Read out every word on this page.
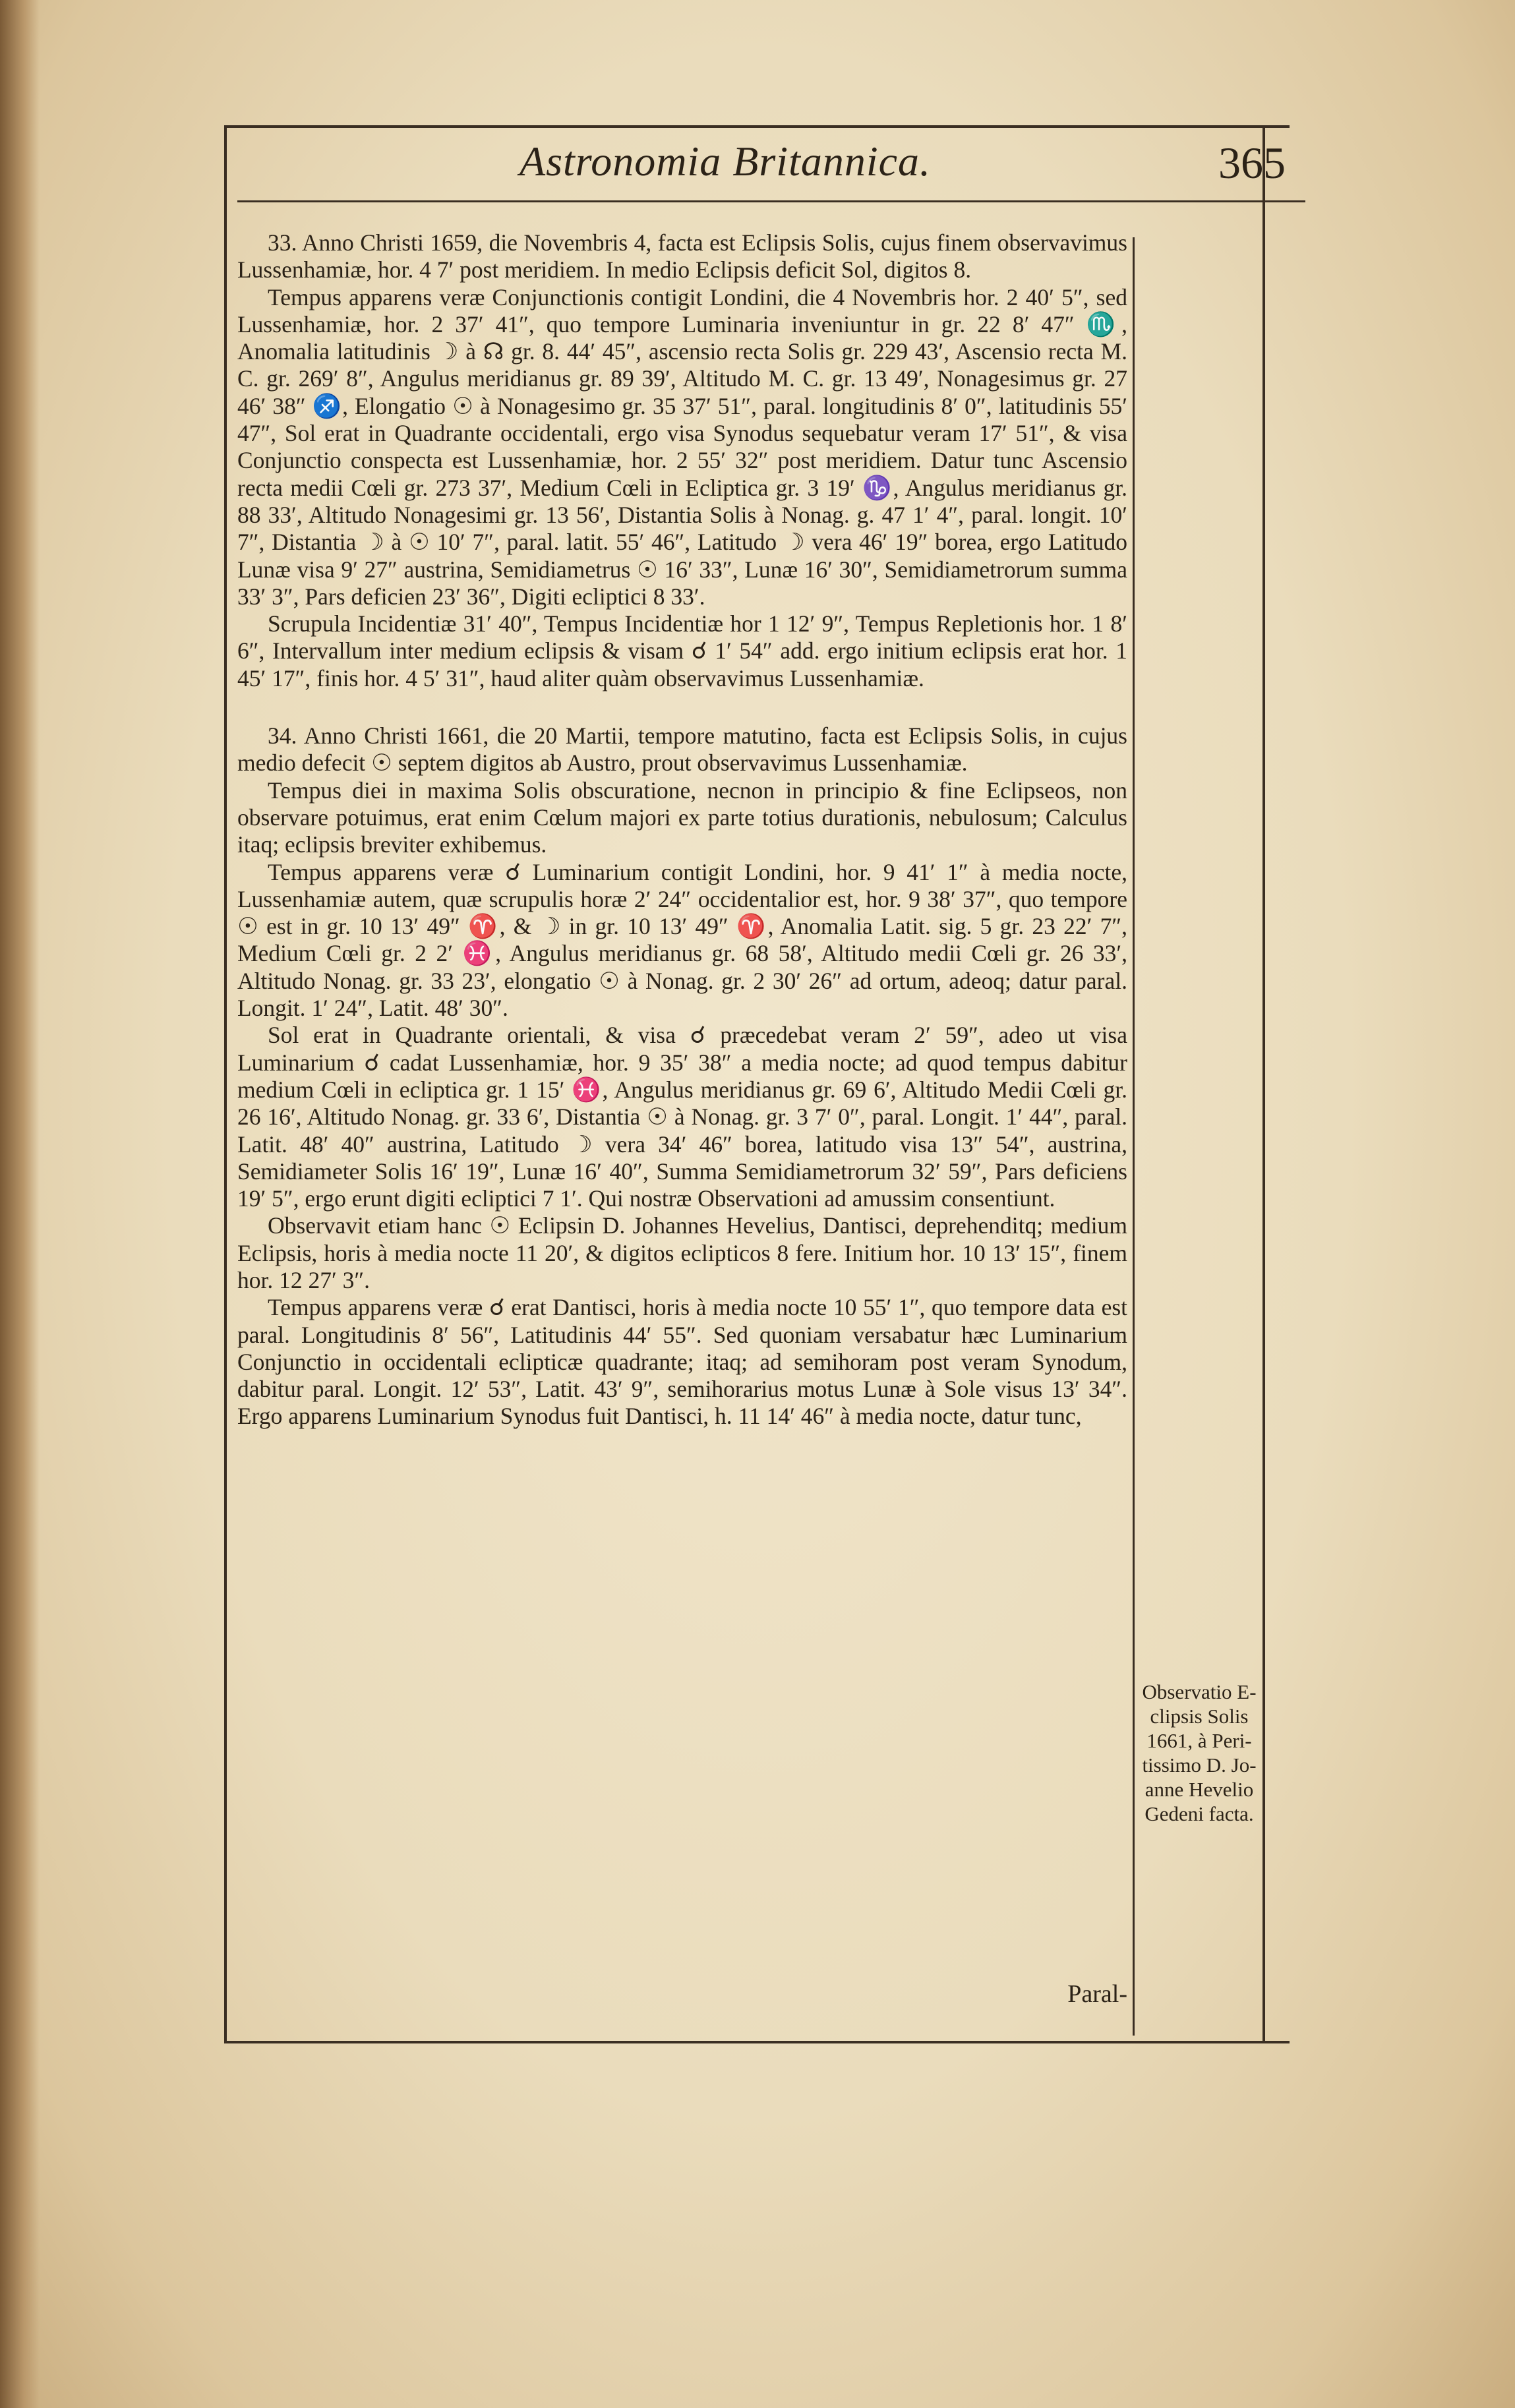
Astronomia Britannica.	365

33. Anno Christi 1659, die Novembris 4, facta est Eclipsis Solis, cujus finem observavimus Lussenhamiæ, hor. 4 7′ post meridiem. In medio Eclipsis deficit Sol, digitos 8.

Tempus apparens veræ Conjunctionis contigit Londini, die 4 Novembris hor. 2 40′ 5″, sed Lussenhamiæ, hor. 2 37′ 41″, quo tempore Luminaria inveniuntur in gr. 22 8′ 47″ ♏, Anomalia latitudinis ☽ à ☊ gr. 8. 44′ 45″, ascensio recta Solis gr. 229 43′, Ascensio recta M. C. gr. 269′ 8″, Angulus meridianus gr. 89 39′, Altitudo M. C. gr. 13 49′, Nonagesimus gr. 27 46′ 38″ ♐, Elongatio ☉ à Nonagesimo gr. 35 37′ 51″, paral. longitudinis 8′ 0″, latitudinis 55′ 47″, Sol erat in Quadrante occidentali, ergo visa Synodus sequebatur veram 17′ 51″, & visa Conjunctio conspecta est Lussenhamiæ, hor. 2 55′ 32″ post meridiem. Datur tunc Ascensio recta medii Cœli gr. 273 37′, Medium Cœli in Ecliptica gr. 3 19′ ♑, Angulus meridianus gr. 88 33′, Altitudo Nonagesimi gr. 13 56′, Distantia Solis à Nonag. g. 47 1′ 4″, paral. longit. 10′ 7″, Distantia ☽ à ☉ 10′ 7″, paral. latit. 55′ 46″, Latitudo ☽ vera 46′ 19″ borea, ergo Latitudo Lunæ visa 9′ 27″ austrina, Semidiametrus ☉ 16′ 33″, Lunæ 16′ 30″, Semidiametrorum summa 33′ 3″, Pars deficien 23′ 36″, Digiti ecliptici 8 33′.

Scrupula Incidentiæ 31′ 40″, Tempus Incidentiæ hor 1 12′ 9″, Tempus Repletionis hor. 1 8′ 6″, Intervallum inter medium eclipsis & visam ☌ 1′ 54″ add. ergo initium eclipsis erat hor. 1 45′ 17″, finis hor. 4 5′ 31″, haud aliter quàm observavimus Lussenhamiæ.

34. Anno Christi 1661, die 20 Martii, tempore matutino, facta est Eclipsis Solis, in cujus medio defecit ☉ septem digitos ab Austro, prout observavimus Lussenhamiæ.

Tempus diei in maxima Solis obscuratione, necnon in principio & fine Eclipseos, non observare potuimus, erat enim Cœlum majori ex parte totius durationis, nebulosum; Calculus itaq; eclipsis breviter exhibemus.

Tempus apparens veræ ☌ Luminarium contigit Londini, hor. 9 41′ 1″ à media nocte, Lussenhamiæ autem, quæ scrupulis horæ 2′ 24″ occidentalior est, hor. 9 38′ 37″, quo tempore ☉ est in gr. 10 13′ 49″ ♈, & ☽ in gr. 10 13′ 49″ ♈, Anomalia Latit. sig. 5 gr. 23 22′ 7″, Medium Cœli gr. 2 2′ ♓, Angulus meridianus gr. 68 58′, Altitudo medii Cœli gr. 26 33′, Altitudo Nonag. gr. 33 23′, elongatio ☉ à Nonag. gr. 2 30′ 26″ ad ortum, adeoq; datur paral. Longit. 1′ 24″, Latit. 48′ 30″.

Sol erat in Quadrante orientali, & visa ☌ præcedebat veram 2′ 59″, adeo ut visa Luminarium ☌ cadat Lussenhamiæ, hor. 9 35′ 38″ a media nocte; ad quod tempus dabitur medium Cœli in ecliptica gr. 1 15′ ♓, Angulus meridianus gr. 69 6′, Altitudo Medii Cœli gr. 26 16′, Altitudo Nonag. gr. 33 6′, Distantia ☉ à Nonag. gr. 3 7′ 0″, paral. Longit. 1′ 44″, paral. Latit. 48′ 40″ austrina, Latitudo ☽ vera 34′ 46″ borea, latitudo visa 13″ 54″, austrina, Semidiameter Solis 16′ 19″, Lunæ 16′ 40″, Summa Semidiametrorum 32′ 59″, Pars deficiens 19′ 5″, ergo erunt digiti ecliptici 7 1′. Qui nostræ Observationi ad amussim consentiunt.

Observavit etiam hanc ☉ Eclipsin D. Johannes Hevelius, Dantisci, deprehenditq; medium Eclipsis, horis à media nocte 11 20′, & digitos eclipticos 8 fere. Initium hor. 10 13′ 15″, finem hor. 12 27′ 3″.

Tempus apparens veræ ☌ erat Dantisci, horis à media nocte 10 55′ 1″, quo tempore data est paral. Longitudinis 8′ 56″, Latitudinis 44′ 55″. Sed quoniam versabatur hæc Luminarium Conjunctio in occidentali eclipticæ quadrante; itaq; ad semihoram post veram Synodum, dabitur paral. Longit. 12′ 53″, Latit. 43′ 9″, semihorarius motus Lunæ à Sole visus 13′ 34″. Ergo apparens Luminarium Synodus fuit Dantisci, h. 11 14′ 46″ à media nocte, datur tunc,

Paral-
Observatio E-
clipsis Solis
1661, à Peri-
tissimo D. Jo-
anne Hevelio
Gedeni facta.
